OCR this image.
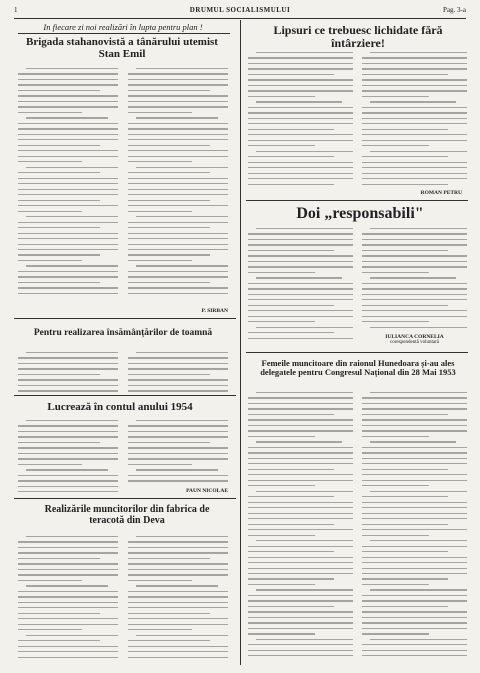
1	DRUMUL SOCIALISMULUI	Pag. 3-a
In fiecare zi noi realizări în lupta pentru plan !
Brigada stahanovistă a tânărului utemist Stan Emil
Lipsuri ce trebuesc lichidate fără întârziere!
Doi „responsabili"
Pentru realizarea însămânțărilor de toamnă
Lucrează în contul anului 1954
Realizările muncitorilor din fabrica de teracotă din Deva
Femeile muncitoare din raionul Hunedoara și-au ales delegatele pentru Congresul Național din 28 Mai 1953
P. SIRBAN
ROMAN PETRU
IULIANCA CORNELIA
corespondentă voluntară
PAUN NICOLAE
